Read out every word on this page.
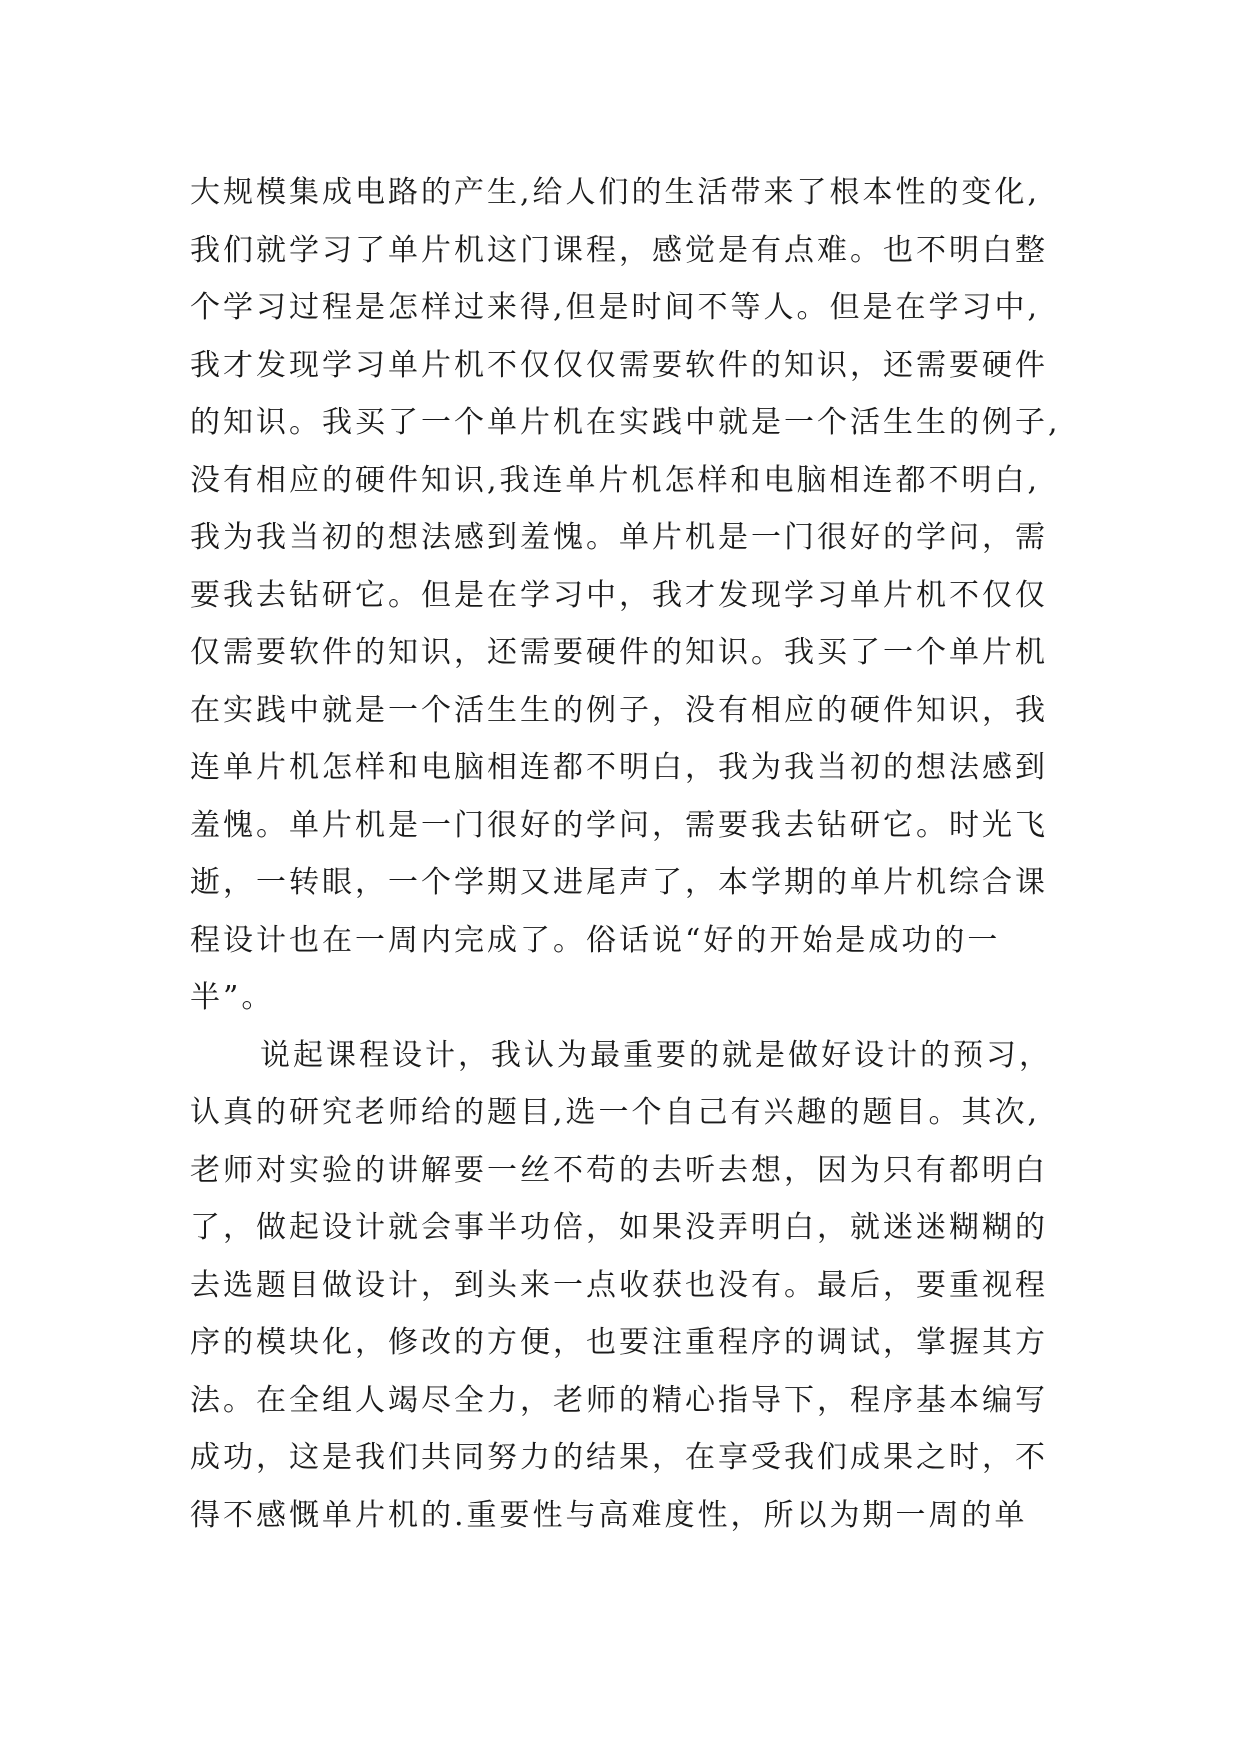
大规模集成电路的产生,给人们的生活带来了根本性的变化,
我们就学习了单片机这门课程，感觉是有点难。也不明白整
个学习过程是怎样过来得,但是时间不等人。但是在学习中,
我才发现学习单片机不仅仅仅需要软件的知识，还需要硬件
的知识。我买了一个单片机在实践中就是一个活生生的例子,
没有相应的硬件知识,我连单片机怎样和电脑相连都不明白,
我为我当初的想法感到羞愧。单片机是一门很好的学问，需
要我去钻研它。但是在学习中，我才发现学习单片机不仅仅
仅需要软件的知识，还需要硬件的知识。我买了一个单片机
在实践中就是一个活生生的例子，没有相应的硬件知识，我
连单片机怎样和电脑相连都不明白，我为我当初的想法感到
羞愧。单片机是一门很好的学问，需要我去钻研它。时光飞
逝，一转眼，一个学期又进尾声了，本学期的单片机综合课
程设计也在一周内完成了。俗话说“好的开始是成功的一
半”。
说起课程设计，我认为最重要的就是做好设计的预习，
认真的研究老师给的题目,选一个自己有兴趣的题目。其次,
老师对实验的讲解要一丝不苟的去听去想，因为只有都明白
了，做起设计就会事半功倍，如果没弄明白，就迷迷糊糊的
去选题目做设计，到头来一点收获也没有。最后，要重视程
序的模块化，修改的方便，也要注重程序的调试，掌握其方
法。在全组人竭尽全力，老师的精心指导下，程序基本编写
成功，这是我们共同努力的结果，在享受我们成果之时，不
得不感慨单片机的.重要性与高难度性，所以为期一周的单
